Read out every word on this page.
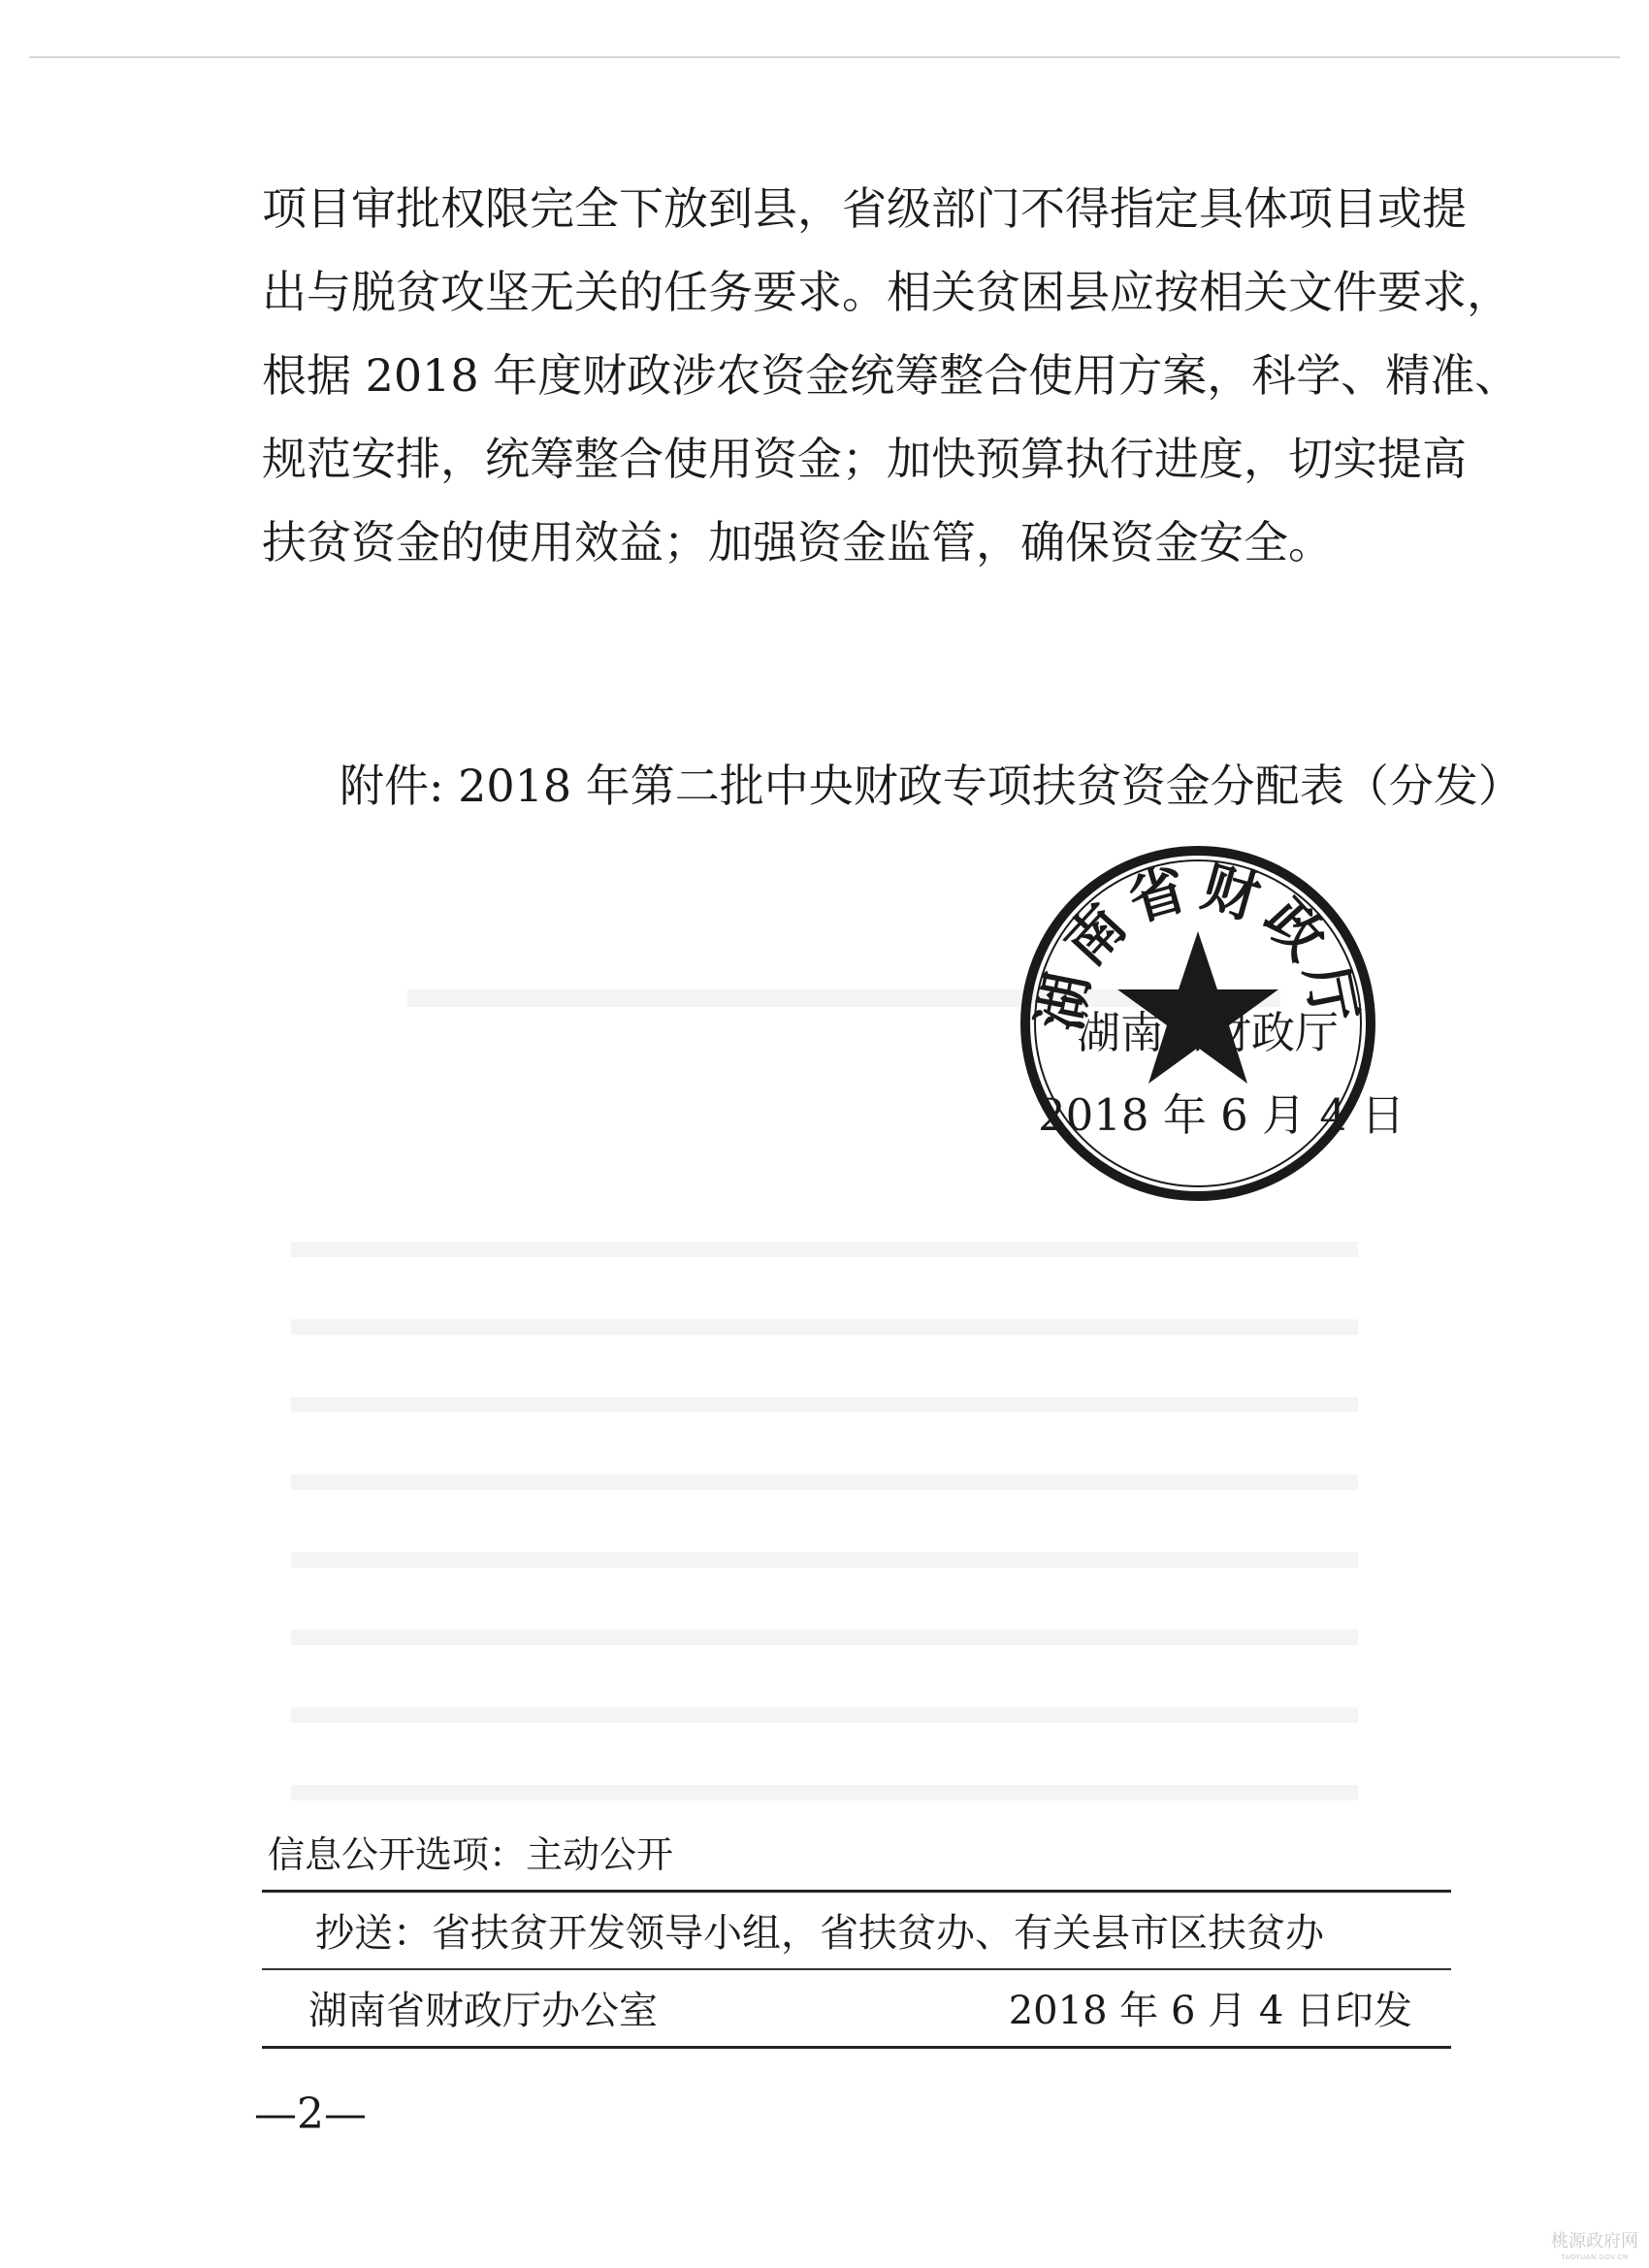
项目审批权限完全下放到县，省级部门不得指定具体项目或提
出与脱贫攻坚无关的任务要求。相关贫困县应按相关文件要求，
根据 2018 年度财政涉农资金统筹整合使用方案，科学、精准、
规范安排，统筹整合使用资金；加快预算执行进度，切实提高
扶贫资金的使用效益；加强资金监管，确保资金安全。
附件: 2018 年第二批中央财政专项扶贫资金分配表（分发）
湖南省财政厅
湖南省财政厅
2018 年 6 月 4 日
信息公开选项：主动公开
抄送：省扶贫开发领导小组，省扶贫办、有关县市区扶贫办
湖南省财政厅办公室	2018 年 6 月 4 日印发
—2—
桃源政府网
TAOYUAN.GOV.CN
